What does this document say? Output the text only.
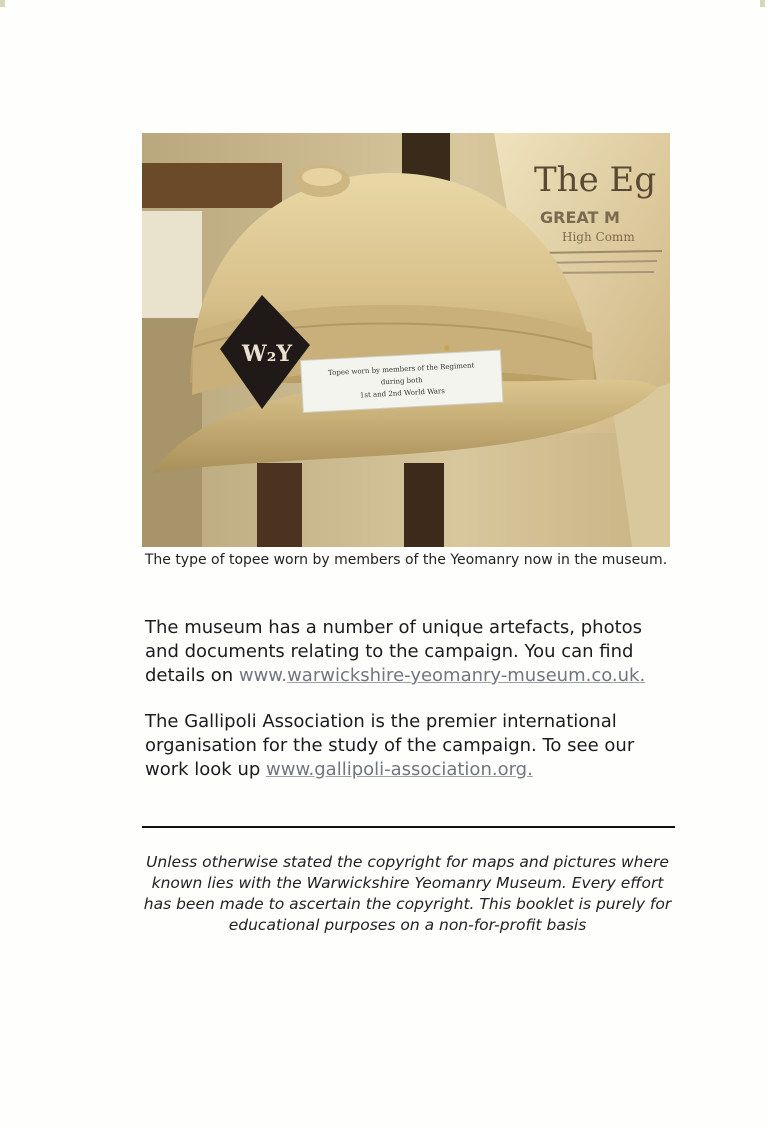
The Eg
GREAT M
High Comm
W₂Y
Topee worn by members of the Regiment
during both
1st and 2nd World Wars
The type of topee worn by members of the Yeomanry now in the museum.
The museum has a number of unique artefacts, photos and documents relating to the campaign. You can find details on www.warwickshire-yeomanry-museum.co.uk.
The Gallipoli Association is the premier international organisation for the study of the campaign. To see our work look up www.gallipoli-association.org.
Unless otherwise stated the copyright for maps and pictures where known lies with the Warwickshire Yeomanry Museum. Every effort has been made to ascertain the copyright. This booklet is purely for educational purposes on a non-for-profit basis
